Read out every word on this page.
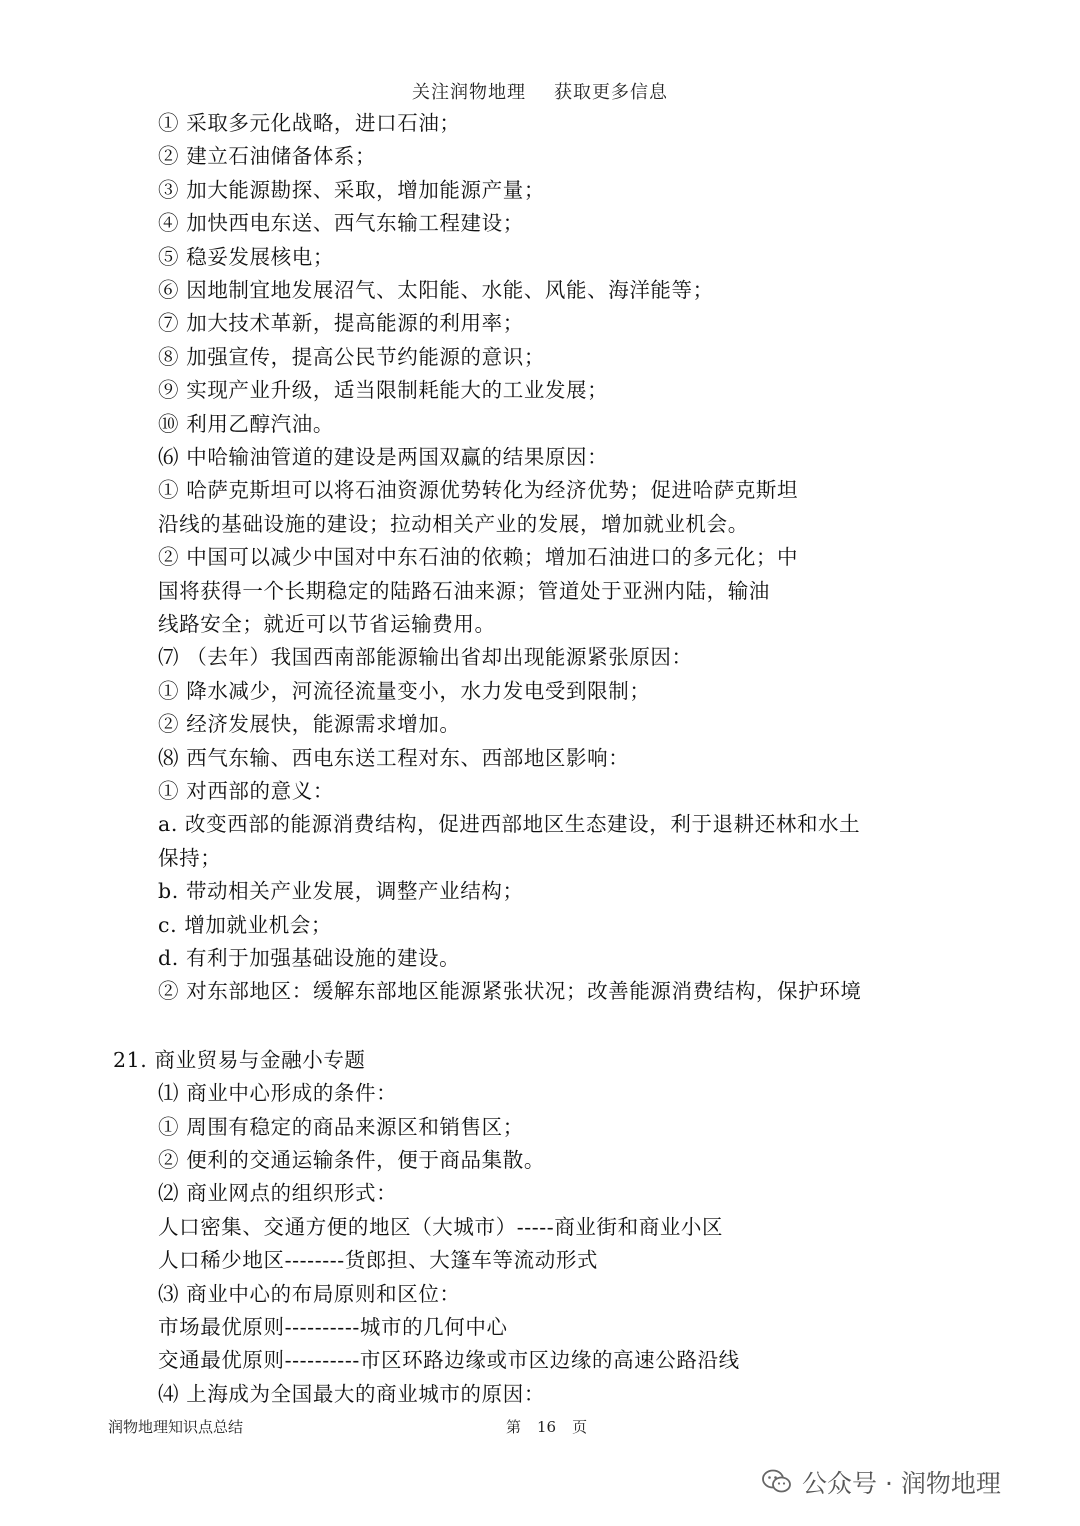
关注润物地理 获取更多信息
① 采取多元化战略，进口石油；
② 建立石油储备体系；
③ 加大能源勘探、采取，增加能源产量；
④ 加快西电东送、西气东输工程建设；
⑤ 稳妥发展核电；
⑥ 因地制宜地发展沼气、太阳能、水能、风能、海洋能等；
⑦ 加大技术革新，提高能源的利用率；
⑧ 加强宣传，提高公民节约能源的意识；
⑨ 实现产业升级，适当限制耗能大的工业发展；
⑩ 利用乙醇汽油。
⑹ 中哈输油管道的建设是两国双赢的结果原因：
① 哈萨克斯坦可以将石油资源优势转化为经济优势；促进哈萨克斯坦
沿线的基础设施的建设；拉动相关产业的发展，增加就业机会。
② 中国可以减少中国对中东石油的依赖；增加石油进口的多元化；中
国将获得一个长期稳定的陆路石油来源；管道处于亚洲内陆，输油
线路安全；就近可以节省运输费用。
⑺ （去年）我国西南部能源输出省却出现能源紧张原因：
① 降水减少，河流径流量变小，水力发电受到限制；
② 经济发展快，能源需求增加。
⑻ 西气东输、西电东送工程对东、西部地区影响：
① 对西部的意义：
a. 改变西部的能源消费结构，促进西部地区生态建设，利于退耕还林和水土
保持；
b. 带动相关产业发展，调整产业结构；
c. 增加就业机会；
d. 有利于加强基础设施的建设。
② 对东部地区：缓解东部地区能源紧张状况；改善能源消费结构，保护环境
21. 商业贸易与金融小专题
⑴ 商业中心形成的条件：
① 周围有稳定的商品来源区和销售区；
② 便利的交通运输条件，便于商品集散。
⑵ 商业网点的组织形式：
人口密集、交通方便的地区（大城市）-----商业街和商业小区
人口稀少地区--------货郎担、大篷车等流动形式
⑶ 商业中心的布局原则和区位：
市场最优原则----------城市的几何中心
交通最优原则----------市区环路边缘或市区边缘的高速公路沿线
⑷ 上海成为全国最大的商业城市的原因：
润物地理知识点总结	第 16 页
公众号 · 润物地理
